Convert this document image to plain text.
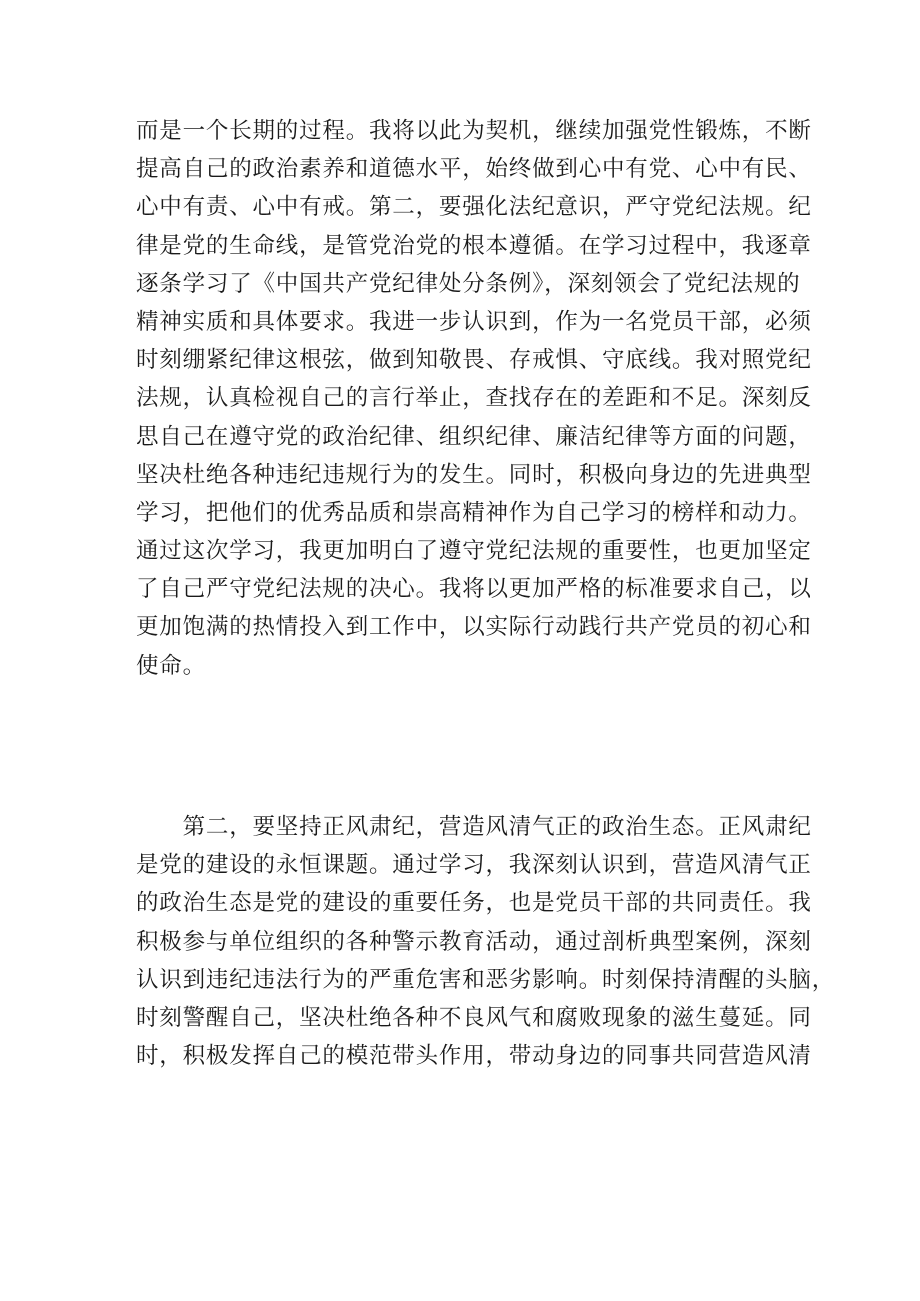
而是一个长期的过程。我将以此为契机，继续加强党性锻炼，不断
提高自己的政治素养和道德水平，始终做到心中有党、心中有民、
心中有责、心中有戒。第二，要强化法纪意识，严守党纪法规。纪
律是党的生命线，是管党治党的根本遵循。在学习过程中，我逐章
逐条学习了《中国共产党纪律处分条例》，深刻领会了党纪法规的
精神实质和具体要求。我进一步认识到，作为一名党员干部，必须
时刻绷紧纪律这根弦，做到知敬畏、存戒惧、守底线。我对照党纪
法规，认真检视自己的言行举止，查找存在的差距和不足。深刻反
思自己在遵守党的政治纪律、组织纪律、廉洁纪律等方面的问题，
坚决杜绝各种违纪违规行为的发生。同时，积极向身边的先进典型
学习，把他们的优秀品质和崇高精神作为自己学习的榜样和动力。
通过这次学习，我更加明白了遵守党纪法规的重要性，也更加坚定
了自己严守党纪法规的决心。我将以更加严格的标准要求自己，以
更加饱满的热情投入到工作中，以实际行动践行共产党员的初心和
使命。
　　第二，要坚持正风肃纪，营造风清气正的政治生态。正风肃纪
是党的建设的永恒课题。通过学习，我深刻认识到，营造风清气正
的政治生态是党的建设的重要任务，也是党员干部的共同责任。我
积极参与单位组织的各种警示教育活动，通过剖析典型案例，深刻
认识到违纪违法行为的严重危害和恶劣影响。时刻保持清醒的头脑，
时刻警醒自己，坚决杜绝各种不良风气和腐败现象的滋生蔓延。同
时，积极发挥自己的模范带头作用，带动身边的同事共同营造风清
